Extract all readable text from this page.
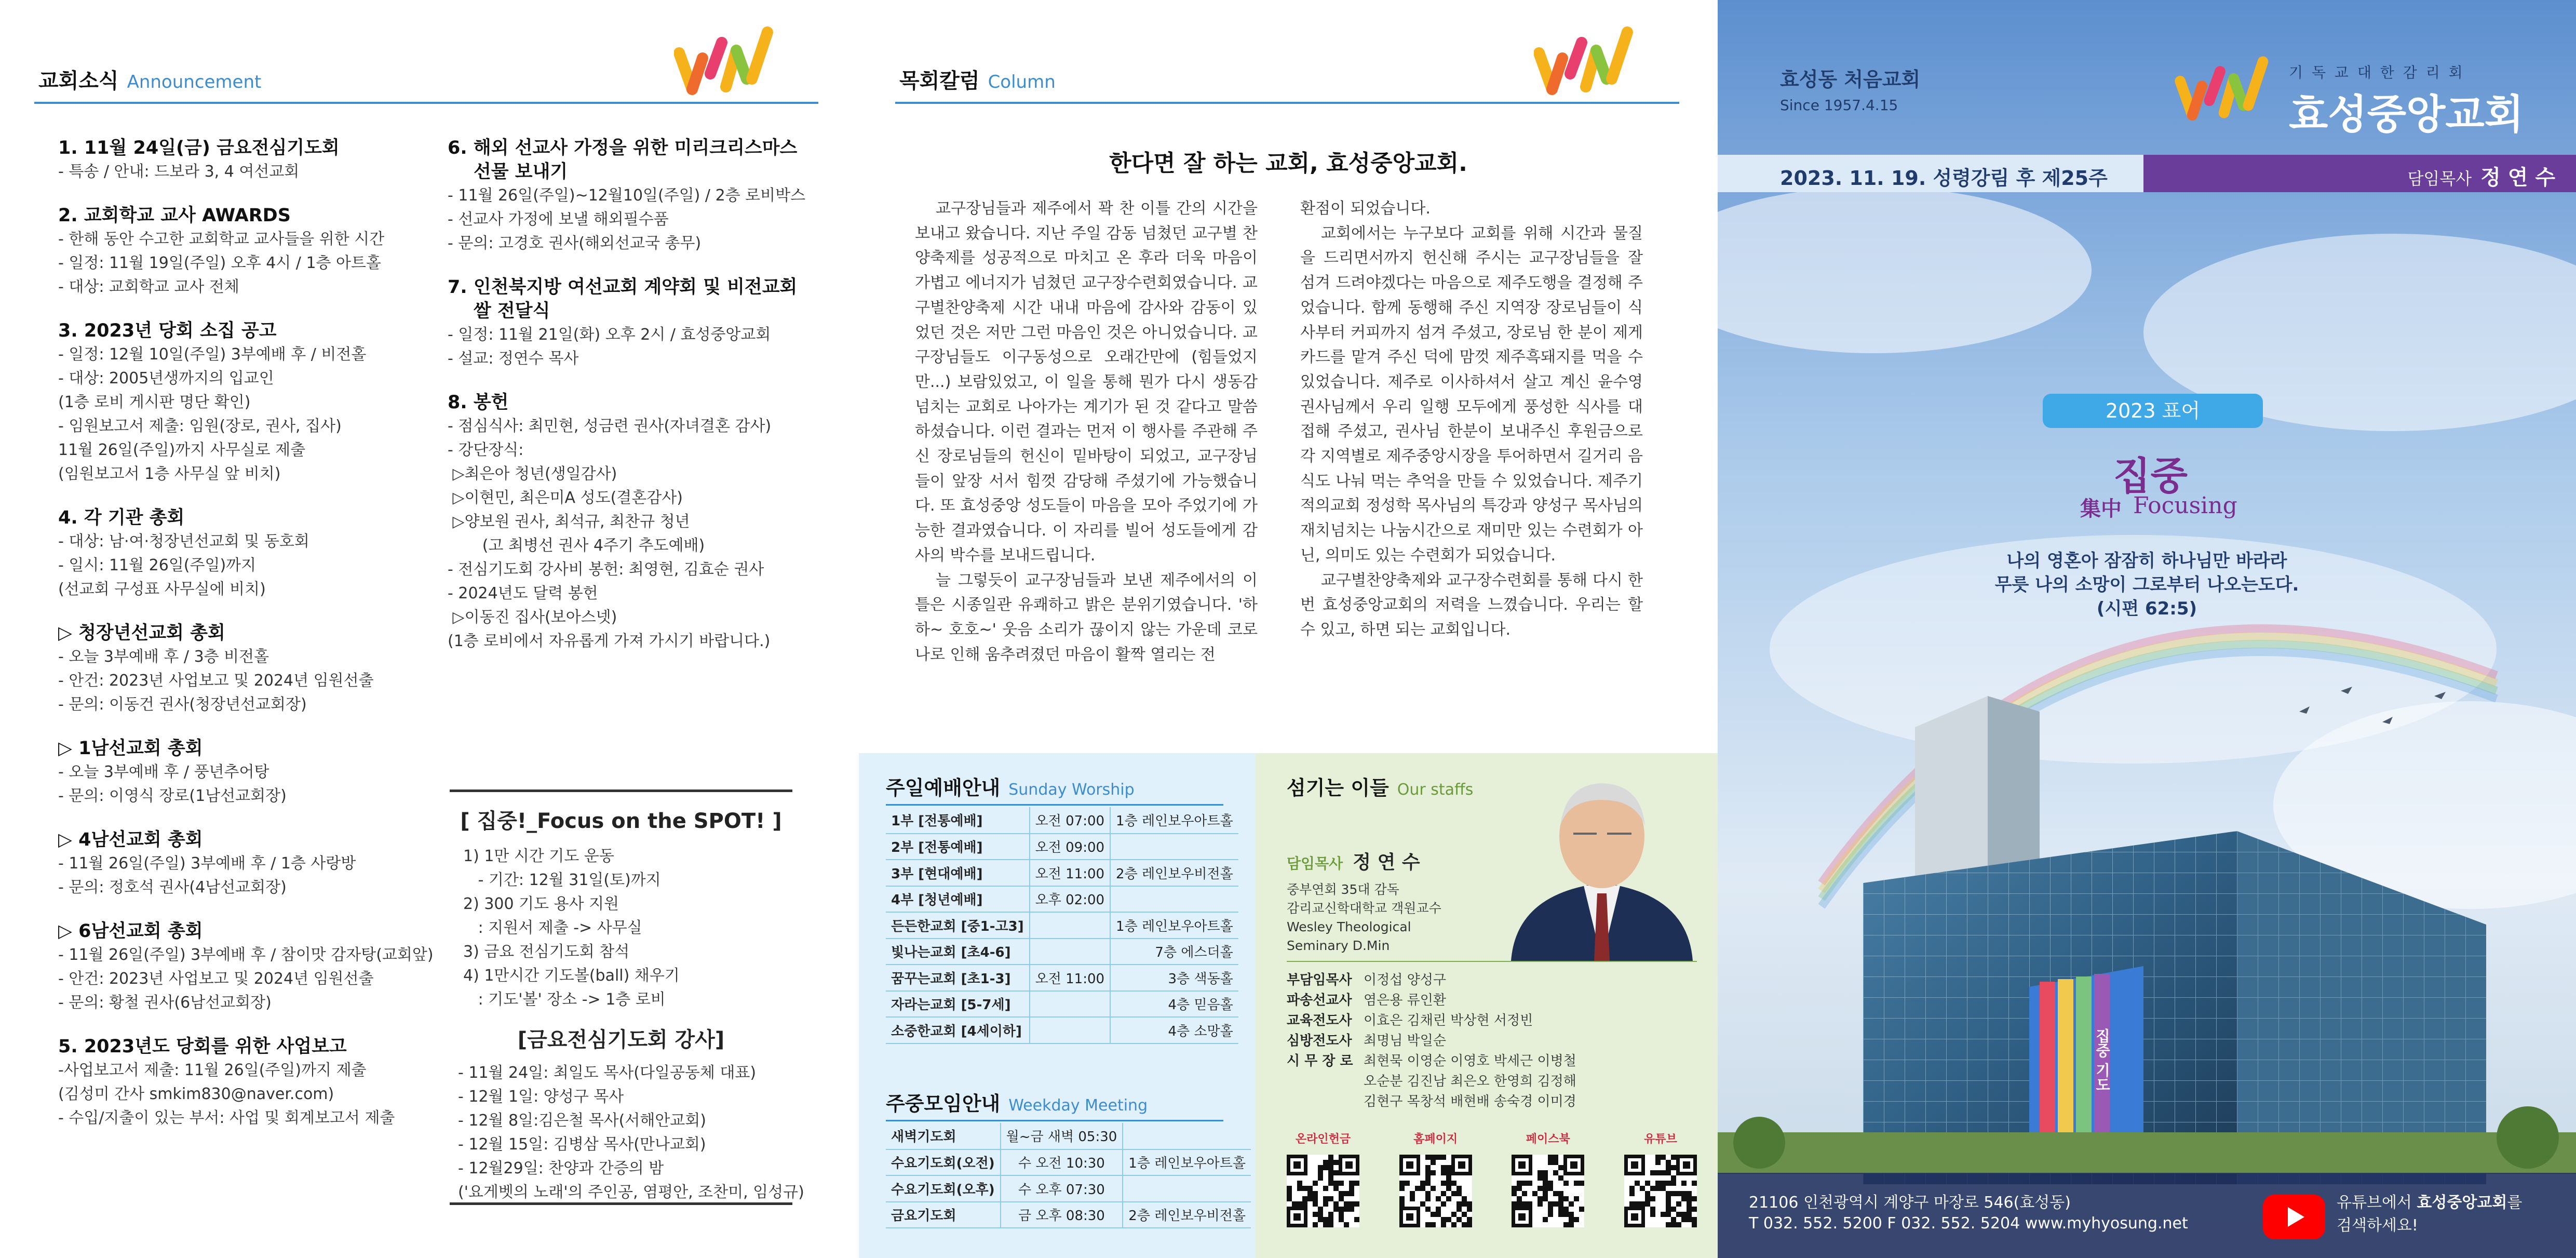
교회소식 Announcement
1. 11월 24일(금) 금요전심기도회
- 특송 / 안내: 드보라 3, 4 여선교회
2. 교회학교 교사 AWARDS
- 한해 동안 수고한 교회학교 교사들을 위한 시간
- 일정: 11월 19일(주일) 오후 4시 / 1층 아트홀
- 대상: 교회학교 교사 전체
3. 2023년 당회 소집 공고
- 일정: 12월 10일(주일) 3부예배 후 / 비전홀
- 대상: 2005년생까지의 입교인
(1층 로비 게시판 명단 확인)
- 임원보고서 제출: 임원(장로, 권사, 집사)
11월 26일(주일)까지 사무실로 제출
(임원보고서 1층 사무실 앞 비치)
4. 각 기관 총회
- 대상: 남·여·청장년선교회 및 동호회
- 일시: 11월 26일(주일)까지
(선교회 구성표 사무실에 비치)
▷ 청장년선교회 총회
- 오늘 3부예배 후 / 3층 비전홀
- 안건: 2023년 사업보고 및 2024년 임원선출
- 문의: 이동건 권사(청장년선교회장)
▷ 1남선교회 총회
- 오늘 3부예배 후 / 풍년추어탕
- 문의: 이영식 장로(1남선교회장)
▷ 4남선교회 총회
- 11월 26일(주일) 3부예배 후 / 1층 사랑방
- 문의: 정호석 권사(4남선교회장)
▷ 6남선교회 총회
- 11월 26일(주일) 3부예배 후 / 참이맛 감자탕(교회앞)
- 안건: 2023년 사업보고 및 2024년 임원선출
- 문의: 황철 권사(6남선교회장)
5. 2023년도 당회를 위한 사업보고
-사업보고서 제출: 11월 26일(주일)까지 제출
(김성미 간사 smkim830@naver.com)
- 수입/지출이 있는 부서: 사업 및 회계보고서 제출
6. 해외 선교사 가정을 위한 미리크리스마스
선물 보내기
- 11월 26일(주일)~12월10일(주일) / 2층 로비박스
- 선교사 가정에 보낼 해외필수품
- 문의: 고경호 권사(해외선교국 총무)
7. 인천북지방 여선교회 계약회 및 비전교회
쌀 전달식
- 일정: 11월 21일(화) 오후 2시 / 효성중앙교회
- 설교: 정연수 목사
8. 봉헌
- 점심식사: 최민현, 성금련 권사(자녀결혼 감사)
- 강단장식:
▷최은아 청년(생일감사)
▷이현민, 최은미A 성도(결혼감사)
▷양보원 권사, 최석규, 최찬규 청년
(고 최병선 권사 4주기 추도예배)
- 전심기도회 강사비 봉헌: 최영현, 김효순 권사
- 2024년도 달력 봉헌
▷이동진 집사(보아스넷)
(1층 로비에서 자유롭게 가져 가시기 바랍니다.)
[ 집중!_Focus on the SPOT! ]
1) 1만 시간 기도 운동
- 기간: 12월 31일(토)까지
2) 300 기도 용사 지원
: 지원서 제출 -> 사무실
3) 금요 전심기도회 참석
4) 1만시간 기도볼(ball) 채우기
: 기도'볼' 장소 -> 1층 로비
[금요전심기도회 강사]
- 11월 24일: 최일도 목사(다일공동체 대표)
- 12월 1일: 양성구 목사
- 12월 8일:김은철 목사(서해안교회)
- 12월 15일: 김병삼 목사(만나교회)
- 12월29일: 찬양과 간증의 밤
('요게벳의 노래'의 주인공, 염평안, 조찬미, 임성규)
목회칼럼 Column
한다면 잘 하는 교회, 효성중앙교회.

교구장님들과 제주에서 꽉 찬 이틀 간의 시간을 보내고 왔습니다. 지난 주일 감동 넘쳤던 교구별 찬양축제를 성공적으로 마치고 온 후라 더욱 마음이 가볍고 에너지가 넘쳤던 교구장수련회였습니다. 교구별찬양축제 시간 내내 마음에 감사와 감동이 있었던 것은 저만 그런 마음인 것은 아니었습니다. 교구장님들도 이구동성으로 오래간만에 (힘들었지만...) 보람있었고, 이 일을 통해 뭔가 다시 생동감 넘치는 교회로 나아가는 계기가 된 것 같다고 말씀하셨습니다. 이런 결과는 먼저 이 행사를 주관해 주신 장로님들의 헌신이 밑바탕이 되었고, 교구장님들이 앞장 서서 힘껏 감당해 주셨기에 가능했습니다. 또 효성중앙 성도들이 마음을 모아 주었기에 가능한 결과였습니다. 이 자리를 빌어 성도들에게 감사의 박수를 보내드립니다.

늘 그렇듯이 교구장님들과 보낸 제주에서의 이틀은 시종일관 유쾌하고 밝은 분위기였습니다. '하하~ 호호~' 웃음 소리가 끊이지 않는 가운데 코로나로 인해 움추려졌던 마음이 활짝 열리는 전

환점이 되었습니다.

교회에서는 누구보다 교회를 위해 시간과 물질을 드리면서까지 헌신해 주시는 교구장님들을 잘 섬겨 드려야겠다는 마음으로 제주도행을 결정해 주었습니다. 함께 동행해 주신 지역장 장로님들이 식사부터 커피까지 섬겨 주셨고, 장로님 한 분이 제게 카드를 맡겨 주신 덕에 맘껏 제주흑돼지를 먹을 수 있었습니다. 제주로 이사하셔서 살고 계신 윤수영 권사님께서 우리 일행 모두에게 풍성한 식사를 대접해 주셨고, 권사님 한분이 보내주신 후원금으로 각 지역별로 제주중앙시장을 투어하면서 길거리 음식도 나눠 먹는 추억을 만들 수 있었습니다. 제주기적의교회 정성학 목사님의 특강과 양성구 목사님의 재치넘치는 나눔시간으로 재미만 있는 수련회가 아닌, 의미도 있는 수련회가 되었습니다.

교구별찬양축제와 교구장수련회를 통해 다시 한번 효성중앙교회의 저력을 느꼈습니다. 우리는 할 수 있고, 하면 되는 교회입니다.

주일예배안내 Sunday Worship
1부 [전통예배]	오전 07:00	1층 레인보우아트홀
2부 [전통예배]	오전 09:00	
3부 [현대예배]	오전 11:00	2층 레인보우비전홀
4부 [청년예배]	오후 02:00	
든든한교회 [중1-고3]		1층 레인보우아트홀
빛나는교회 [초4-6]		7층 에스더홀
꿈꾸는교회 [초1-3]	오전 11:00	3층 색동홀
자라는교회 [5-7세]		4층 믿음홀
소중한교회 [4세이하]		4층 소망홀
주중모임안내 Weekday Meeting
새벽기도회	월~금 새벽 05:30	
수요기도회(오전)	수 오전 10:30	1층 레인보우아트홀
수요기도회(오후)	수 오후 07:30	
금요기도회	금 오후 08:30	2층 레인보우비전홀
섬기는 이들 Our staffs
담임목사 정 연 수
중부연회 35대 감독
감리교신학대학교 객원교수
Wesley Theological
Seminary D.Min
부담임목사 이정섭 양성구
파송선교사 염은용 류인환
교육전도사 이효은 김채린 박상현 서정빈
심방전도사 최명님 박일순
시 무 장 로 최현묵 이영순 이영호 박세근 이병철
오순분 김진남 최은오 한영희 김정해
김현구 목창석 배현배 송숙경 이미경
온라인헌금	홈페이지	페이스북	유튜브
집중 기도
효성동 처음교회
Since 1957.4.15
기 독 교 대 한 감 리 회
효성중앙교회
2023. 11. 19. 성령강림 후 제25주	담임목사 정 연 수
2023 표어
집중
集中 Focusing
나의 영혼아 잠잠히 하나님만 바라라
무릇 나의 소망이 그로부터 나오는도다.
(시편 62:5)
21106 인천광역시 계양구 마장로 546(효성동)
T 032. 552. 5200 F 032. 552. 5204 www.myhyosung.net
유튜브에서 효성중앙교회를
검색하세요!
